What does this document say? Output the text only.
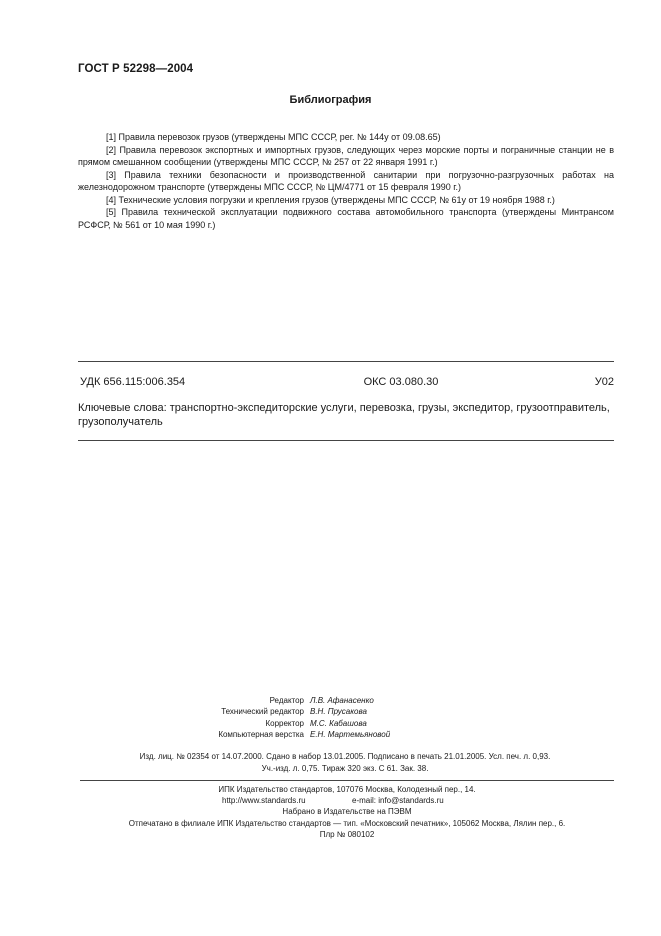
ГОСТ Р 52298—2004
Библиография

[1] Правила перевозок грузов (утверждены МПС СССР, рег. № 144у от 09.08.65)

[2] Правила перевозок экспортных и импортных грузов, следующих через морские порты и пограничные станции не в прямом смешанном сообщении (утверждены МПС СССР, № 257 от 22 января 1991 г.)

[3] Правила техники безопасности и производственной санитарии при погрузочно-разгрузочных работах на железнодорожном транспорте (утверждены МПС СССР, № ЦМ/4771 от 15 февраля 1990 г.)

[4] Технические условия погрузки и крепления грузов (утверждены МПС СССР, № 61у от 19 ноября 1988 г.)

[5] Правила технической эксплуатации подвижного состава автомобильного транспорта (утверждены Минтрансом РСФСР, № 561 от 10 мая 1990 г.)

УДК 656.115:006.354	ОКС 03.080.30	У02
Ключевые слова: транспортно-экспедиторские услуги, перевозка, грузы, экспедитор, грузоотправитель, грузополучатель
Редактор Л.В. Афанасенко
Технический редактор В.Н. Прусакова
Корректор М.С. Кабашова
Компьютерная верстка Е.Н. Мартемьяновой
Изд. лиц. № 02354 от 14.07.2000. Сдано в набор 13.01.2005. Подписано в печать 21.01.2005. Усл. печ. л. 0,93.
Уч.-изд. л. 0,75. Тираж 320 экз. С 61. Зак. 38.
ИПК Издательство стандартов, 107076 Москва, Колодезный пер., 14.
http://www.standards.ru	e-mail: info@standards.ru
Набрано в Издательстве на ПЭВМ
Отпечатано в филиале ИПК Издательство стандартов — тип. «Московский печатник», 105062 Москва, Лялин пер., 6.
Плр № 080102
